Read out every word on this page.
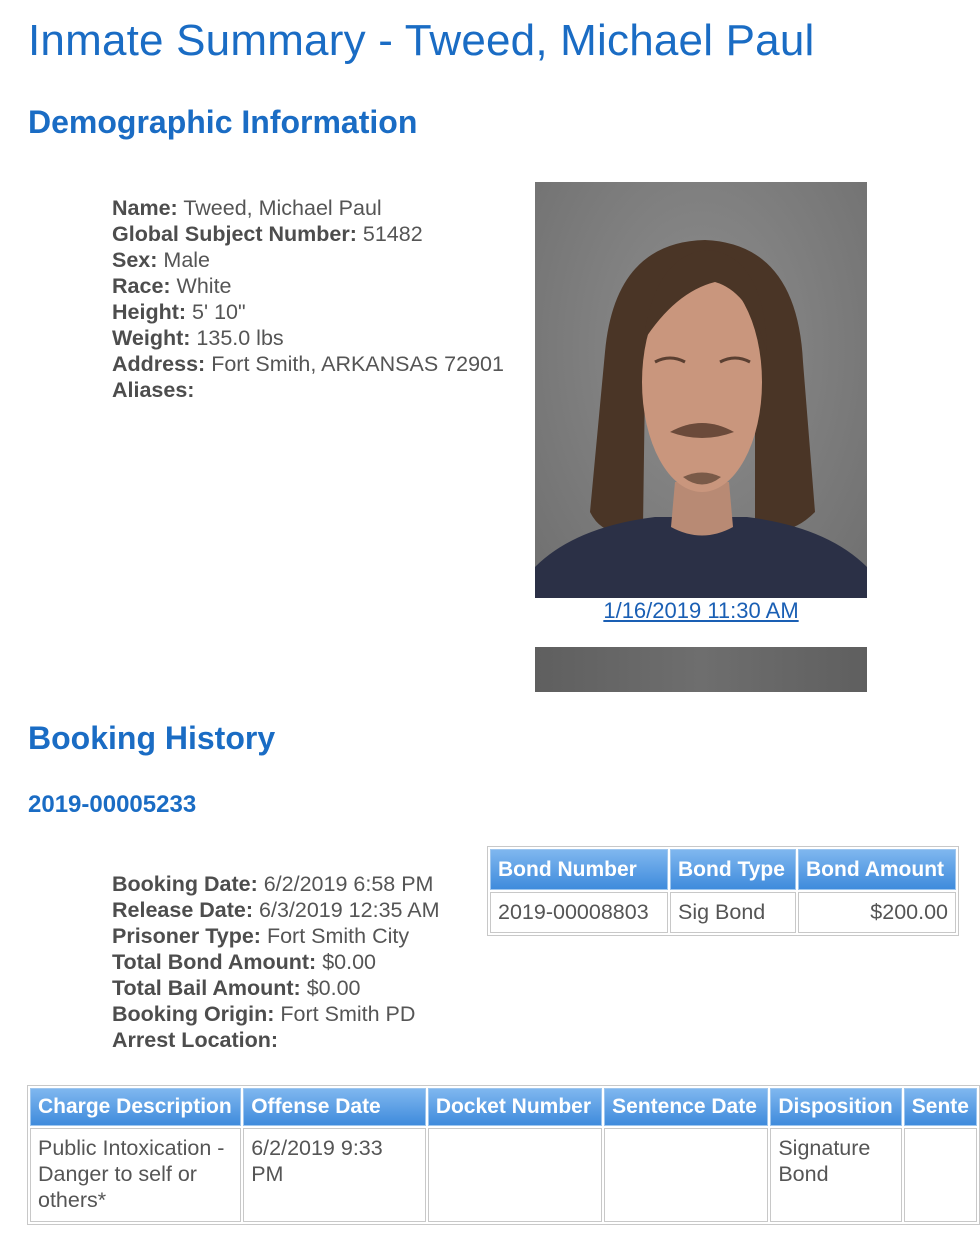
Inmate Summary - Tweed, Michael Paul
Demographic Information
Name: Tweed, Michael Paul
Global Subject Number: 51482
Sex: Male
Race: White
Height: 5' 10"
Weight: 135.0 lbs
Address: Fort Smith, ARKANSAS 72901
Aliases:
1/16/2019 11:30 AM
Booking History
2019-00005233
Booking Date: 6/2/2019 6:58 PM
Release Date: 6/3/2019 12:35 AM
Prisoner Type: Fort Smith City
Total Bond Amount: $0.00
Total Bail Amount: $0.00
Booking Origin: Fort Smith PD
Arrest Location:
Bond Number	Bond Type	Bond Amount
2019-00008803	Sig Bond	$200.00
Charge Description	Offense Date	Docket Number	Sentence Date	Disposition	Sente
Public Intoxication - Danger to self or others*	6/2/2019 9:33 PM			Signature Bond	
